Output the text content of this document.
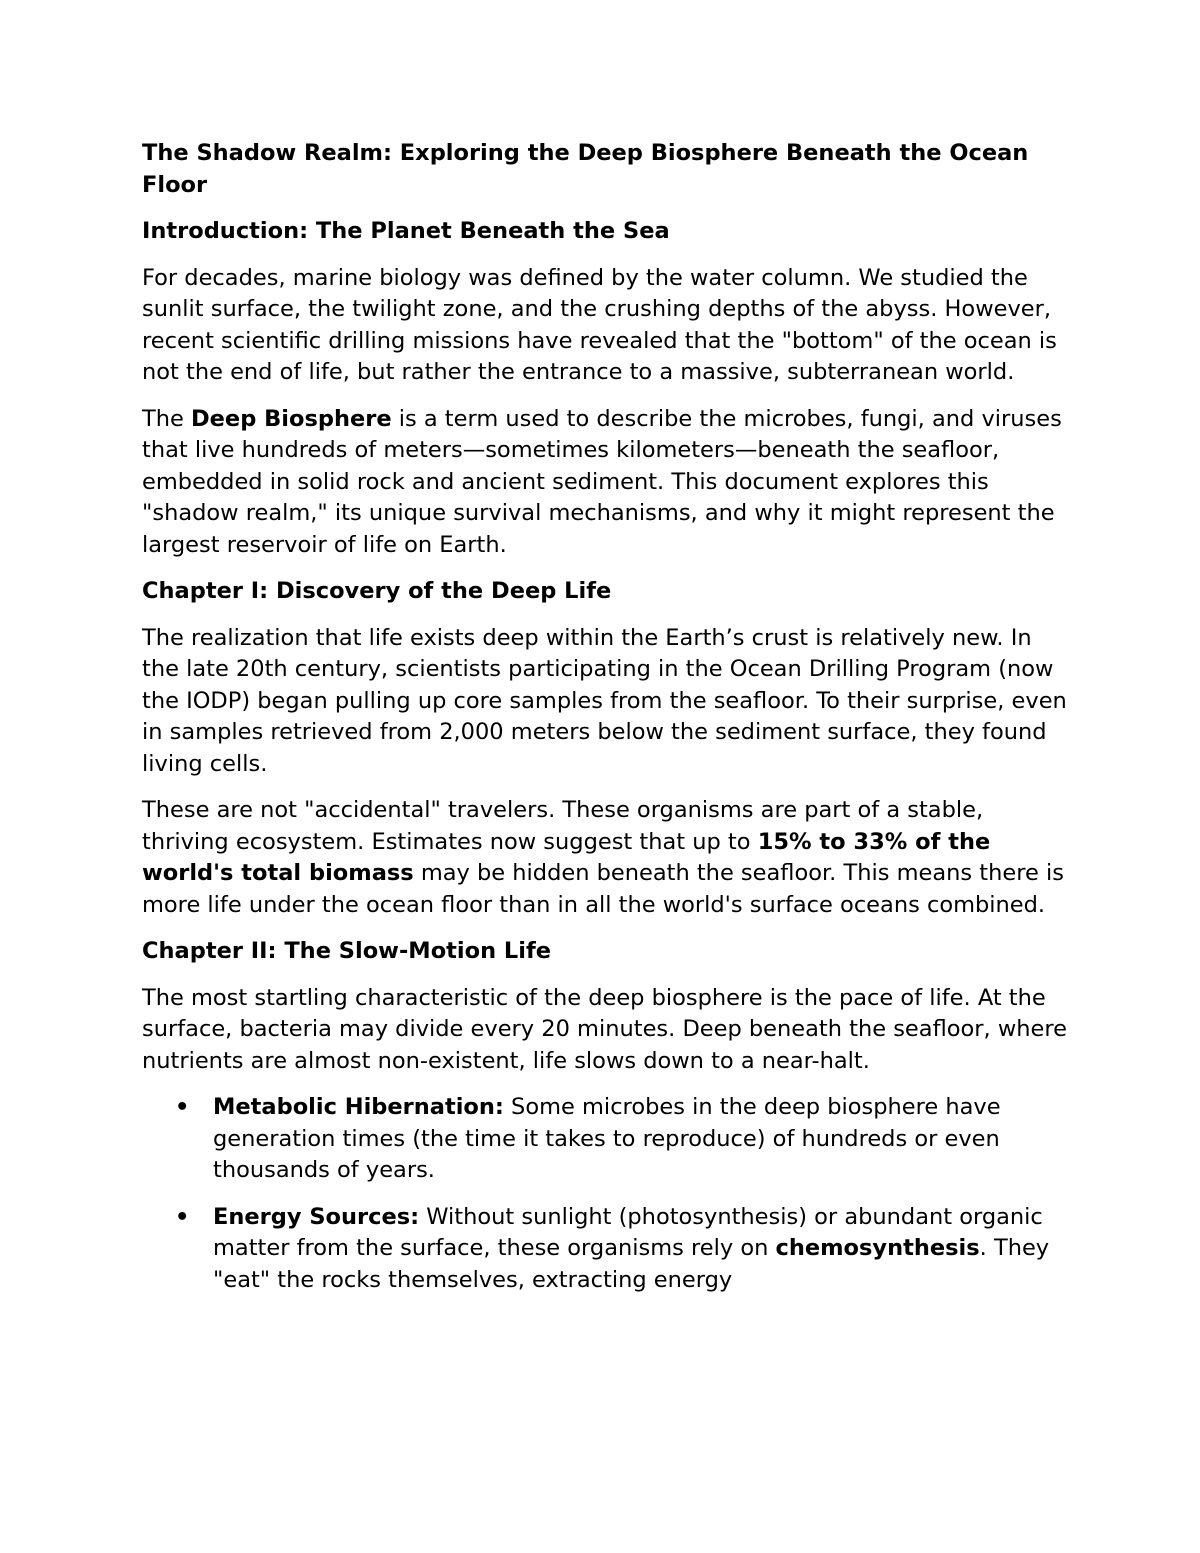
The Shadow Realm: Exploring the Deep Biosphere Beneath the Ocean Floor
Introduction: The Planet Beneath the Sea

For decades, marine biology was defined by the water column. We studied the sunlit surface, the twilight zone, and the crushing depths of the abyss. However, recent scientific drilling missions have revealed that the "bottom" of the ocean is not the end of life, but rather the entrance to a massive, subterranean world.

The Deep Biosphere is a term used to describe the microbes, fungi, and viruses that live hundreds of meters—sometimes kilometers—beneath the seafloor, embedded in solid rock and ancient sediment. This document explores this "shadow realm," its unique survival mechanisms, and why it might represent the largest reservoir of life on Earth.

Chapter I: Discovery of the Deep Life

The realization that life exists deep within the Earth’s crust is relatively new. In the late 20th century, scientists participating in the Ocean Drilling Program (now the IODP) began pulling up core samples from the seafloor. To their surprise, even in samples retrieved from 2,000 meters below the sediment surface, they found living cells.

These are not "accidental" travelers. These organisms are part of a stable, thriving ecosystem. Estimates now suggest that up to 15% to 33% of the world's total biomass may be hidden beneath the seafloor. This means there is more life under the ocean floor than in all the world's surface oceans combined.

Chapter II: The Slow-Motion Life

The most startling characteristic of the deep biosphere is the pace of life. At the surface, bacteria may divide every 20 minutes. Deep beneath the seafloor, where nutrients are almost non-existent, life slows down to a near-halt.

• Metabolic Hibernation: Some microbes in the deep biosphere have generation times (the time it takes to reproduce) of hundreds or even thousands of years.
• Energy Sources: Without sunlight (photosynthesis) or abundant organic matter from the surface, these organisms rely on chemosynthesis. They "eat" the rocks themselves, extracting energy
